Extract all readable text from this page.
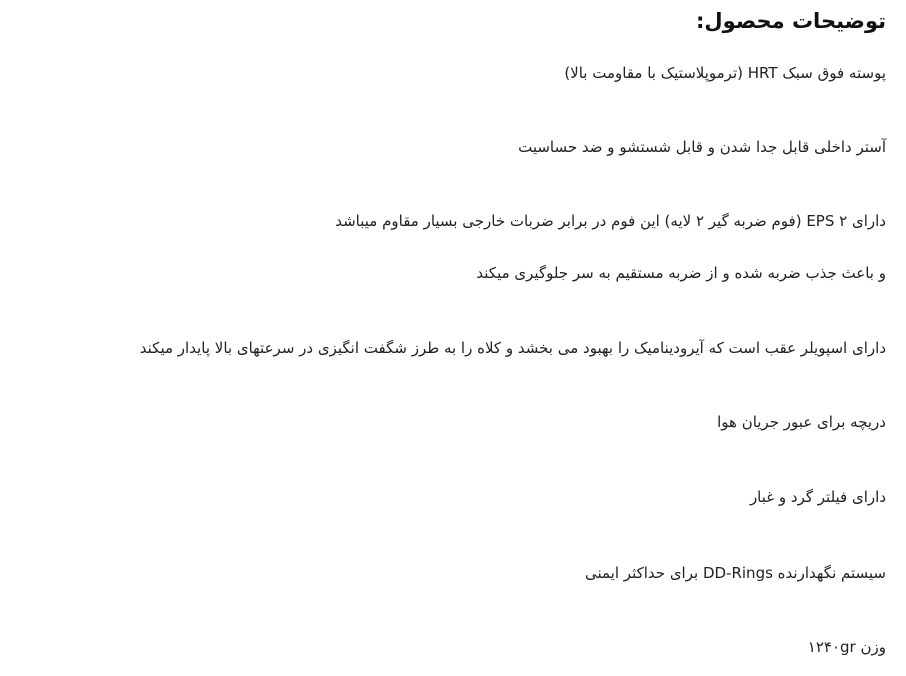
توضیحات محصول:

پوسته فوق سبک HRT (ترموپلاستیک با مقاومت بالا)

آستر داخلی قابل جدا شدن و قابل شستشو و ضد حساسیت

دارای ۲ EPS (فوم ضربه گیر ۲ لایه) این فوم در برابر ضربات خارجی بسیار مقاوم میباشد

و باعث جذب ضربه شده و از ضربه مستقیم به سر جلوگیری میکند

دارای اسپویلر عقب است که آیرودینامیک را بهبود می بخشد و کلاه را به طرز شگفت انگیزی در سرعتهای بالا پایدار میکند

دریچه برای عبور جریان هوا

دارای فیلتر گرد و غبار

سیستم نگهدارنده DD-Rings برای حداکثر ایمنی

وزن ۱۲۴۰gr
